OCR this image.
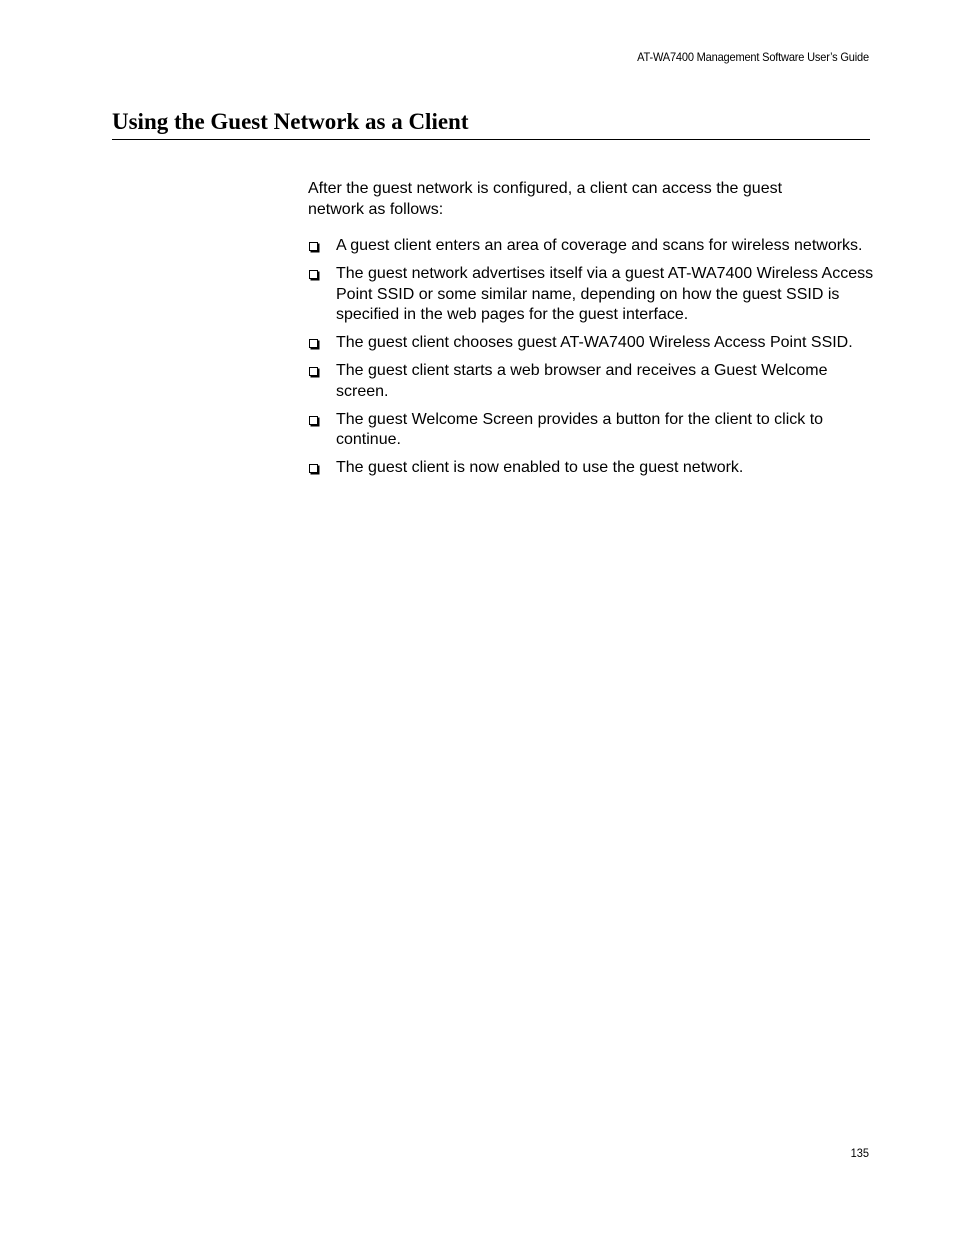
AT-WA7400 Management Software User’s Guide
Using the Guest Network as a Client

After the guest network is configured, a client can access the guest network as follows:

A guest client enters an area of coverage and scans for wireless networks.
The guest network advertises itself via a guest AT-WA7400 Wireless Access Point SSID or some similar name, depending on how the guest SSID is specified in the web pages for the guest interface.
The guest client chooses guest AT-WA7400 Wireless Access Point SSID.
The guest client starts a web browser and receives a Guest Welcome screen.
The guest Welcome Screen provides a button for the client to click to continue.
The guest client is now enabled to use the guest network.
135
